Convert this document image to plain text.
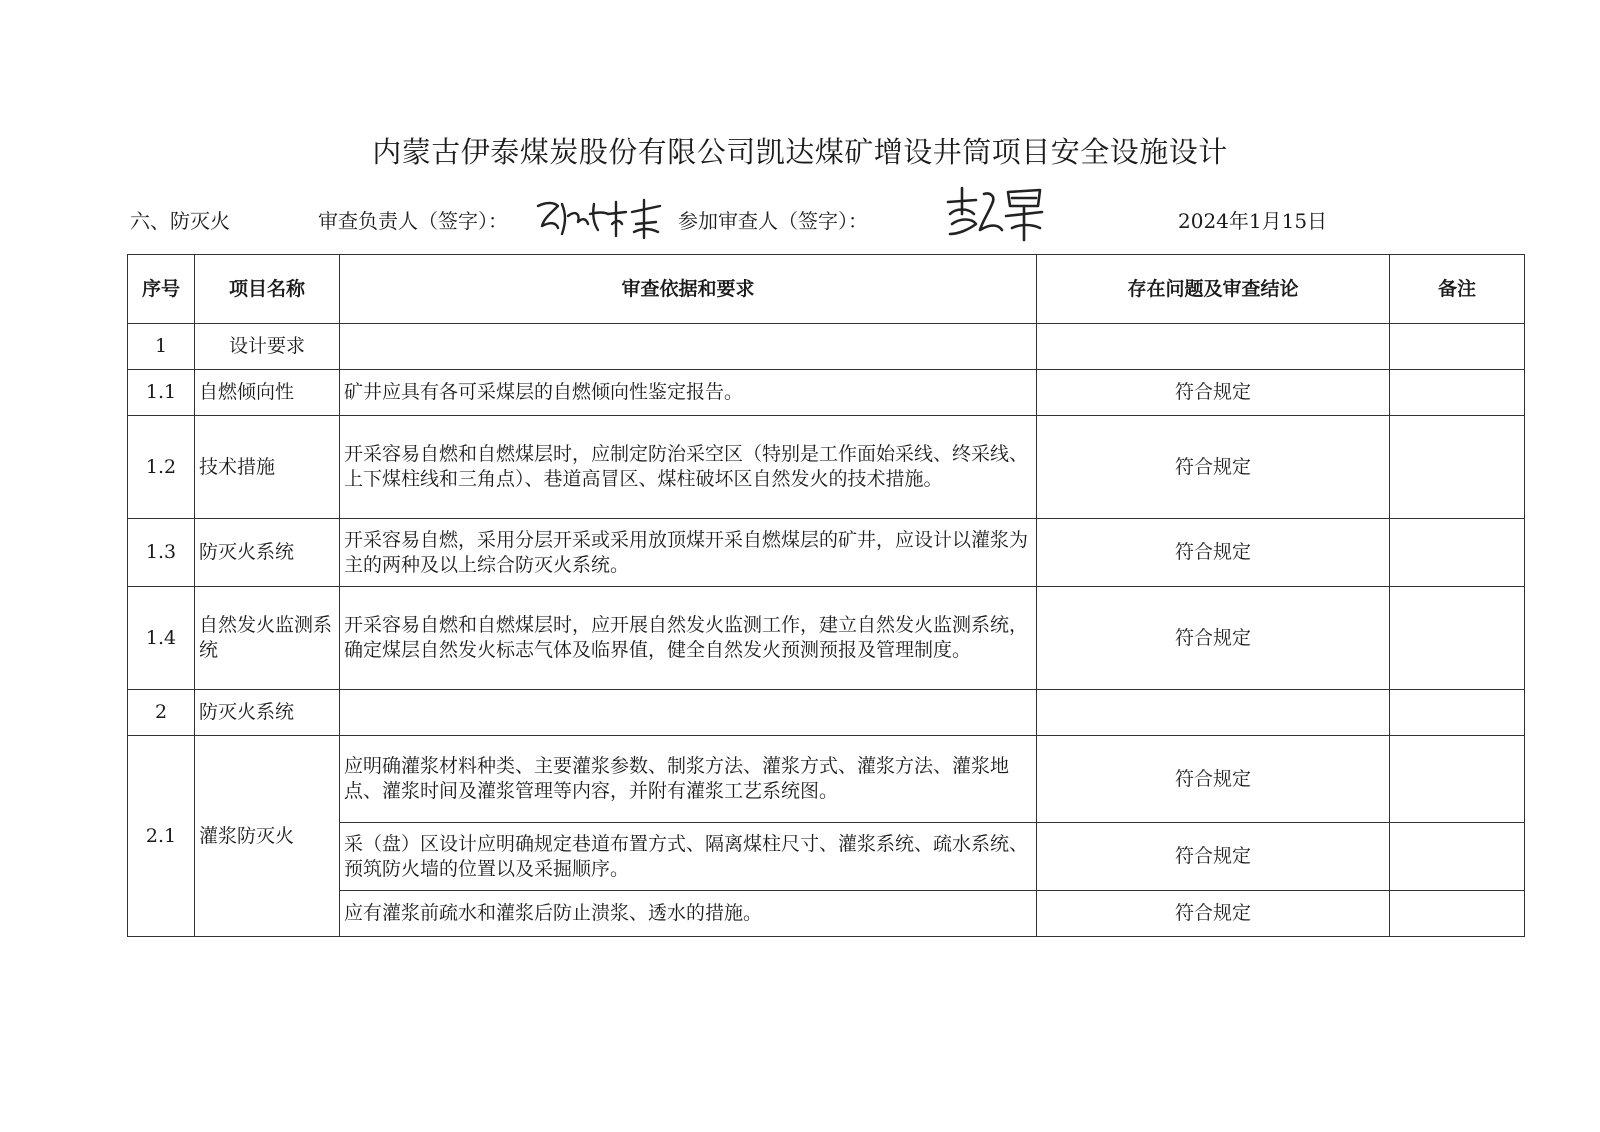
内蒙古伊泰煤炭股份有限公司凯达煤矿增设井筒项目安全设施设计
六、防灭火	审查负责人（签字）：	参加审查人（签字）：	2024年1月15日
序号	项目名称	审查依据和要求	存在问题及审查结论	备注
1	设计要求			
1.1	自燃倾向性	矿井应具有各可采煤层的自燃倾向性鉴定报告。	符合规定	
1.2	技术措施	开采容易自燃和自燃煤层时，应制定防治采空区（特别是工作面始采线、终采线、上下煤柱线和三角点）、巷道高冒区、煤柱破坏区自然发火的技术措施。	符合规定	
1.3	防灭火系统	开采容易自燃，采用分层开采或采用放顶煤开采自燃煤层的矿井，应设计以灌浆为主的两种及以上综合防灭火系统。	符合规定	
1.4	自然发火监测系统	开采容易自燃和自燃煤层时，应开展自然发火监测工作，建立自然发火监测系统，确定煤层自然发火标志气体及临界值，健全自然发火预测预报及管理制度。	符合规定	
2	防灭火系统			
2.1	灌浆防灭火	应明确灌浆材料种类、主要灌浆参数、制浆方法、灌浆方式、灌浆方法、灌浆地点、灌浆时间及灌浆管理等内容，并附有灌浆工艺系统图。	符合规定	
		采（盘）区设计应明确规定巷道布置方式、隔离煤柱尺寸、灌浆系统、疏水系统、预筑防火墙的位置以及采掘顺序。	符合规定	
		应有灌浆前疏水和灌浆后防止溃浆、透水的措施。	符合规定	
